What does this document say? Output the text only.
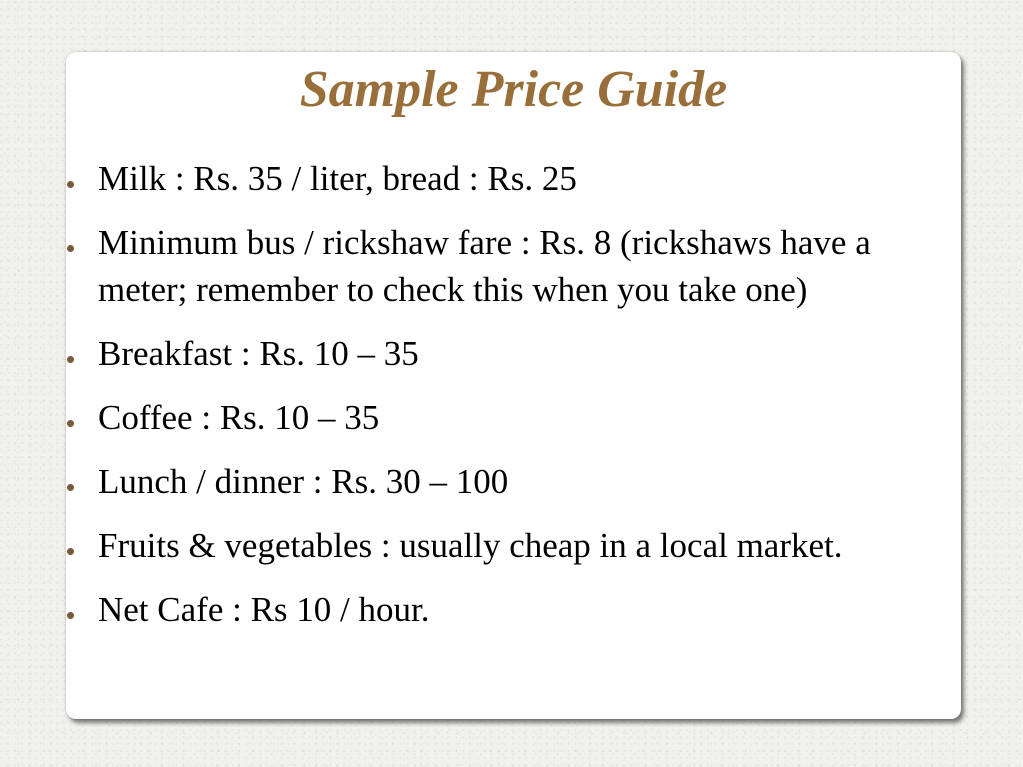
Sample Price Guide
Milk : Rs. 35 / liter, bread : Rs. 25
Minimum bus / rickshaw fare : Rs. 8 (rickshaws have a meter; remember to check this when you take one)
Breakfast : Rs. 10 – 35
Coffee : Rs. 10 – 35
Lunch / dinner : Rs. 30 – 100
Fruits & vegetables : usually cheap in a local market.
Net Cafe : Rs 10 / hour.
